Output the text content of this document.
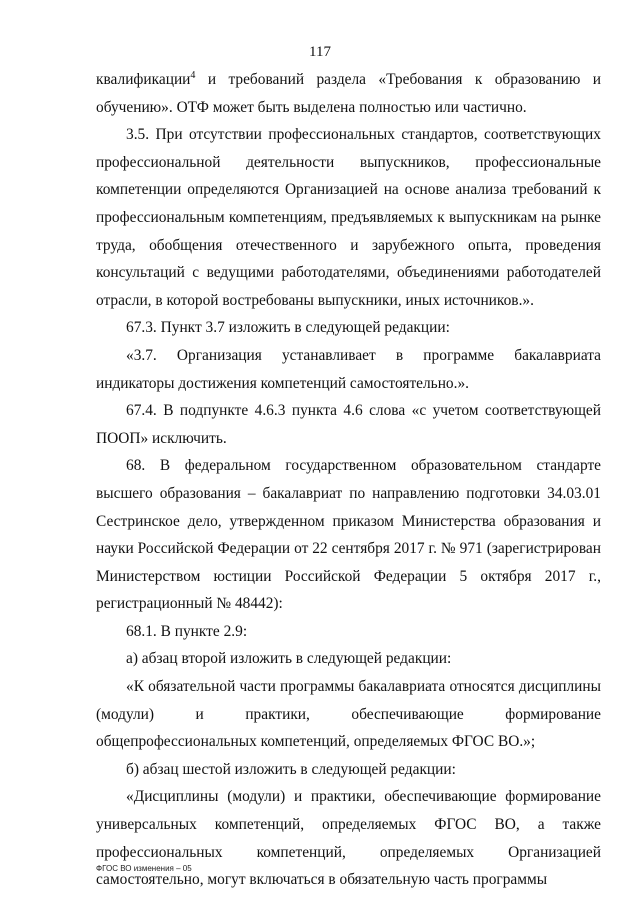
117

квалификации$^4$ и требований раздела «Требования к образованию и обучению». ОТФ может быть выделена полностью или частично.

3.5. При отсутствии профессиональных стандартов, соответствующих профессиональной деятельности выпускников, профессиональные компетенции определяются Организацией на основе анализа требований к профессиональным компетенциям, предъявляемых к выпускникам на рынке труда, обобщения отечественного и зарубежного опыта, проведения консультаций с ведущими работодателями, объединениями работодателей отрасли, в которой востребованы выпускники, иных источников.».

67.3. Пункт 3.7 изложить в следующей редакции:

«3.7. Организация устанавливает в программе бакалавриата индикаторы достижения компетенций самостоятельно.».

67.4. В подпункте 4.6.3 пункта 4.6 слова «с учетом соответствующей ПООП» исключить.

68. В федеральном государственном образовательном стандарте высшего образования – бакалавриат по направлению подготовки 34.03.01 Сестринское дело, утвержденном приказом Министерства образования и науки Российской Федерации от 22 сентября 2017 г. № 971 (зарегистрирован Министерством юстиции Российской Федерации 5 октября 2017 г., регистрационный № 48442):

68.1. В пункте 2.9:

а) абзац второй изложить в следующей редакции:

«К обязательной части программы бакалавриата относятся дисциплины (модули) и практики, обеспечивающие формирование общепрофессиональных компетенций, определяемых ФГОС ВО.»;

б) абзац шестой изложить в следующей редакции:

«Дисциплины (модули) и практики, обеспечивающие формирование универсальных компетенций, определяемых ФГОС ВО, а также профессиональных компетенций, определяемых Организацией самостоятельно, могут включаться в обязательную часть программы

ФГОС ВО изменения – 05
